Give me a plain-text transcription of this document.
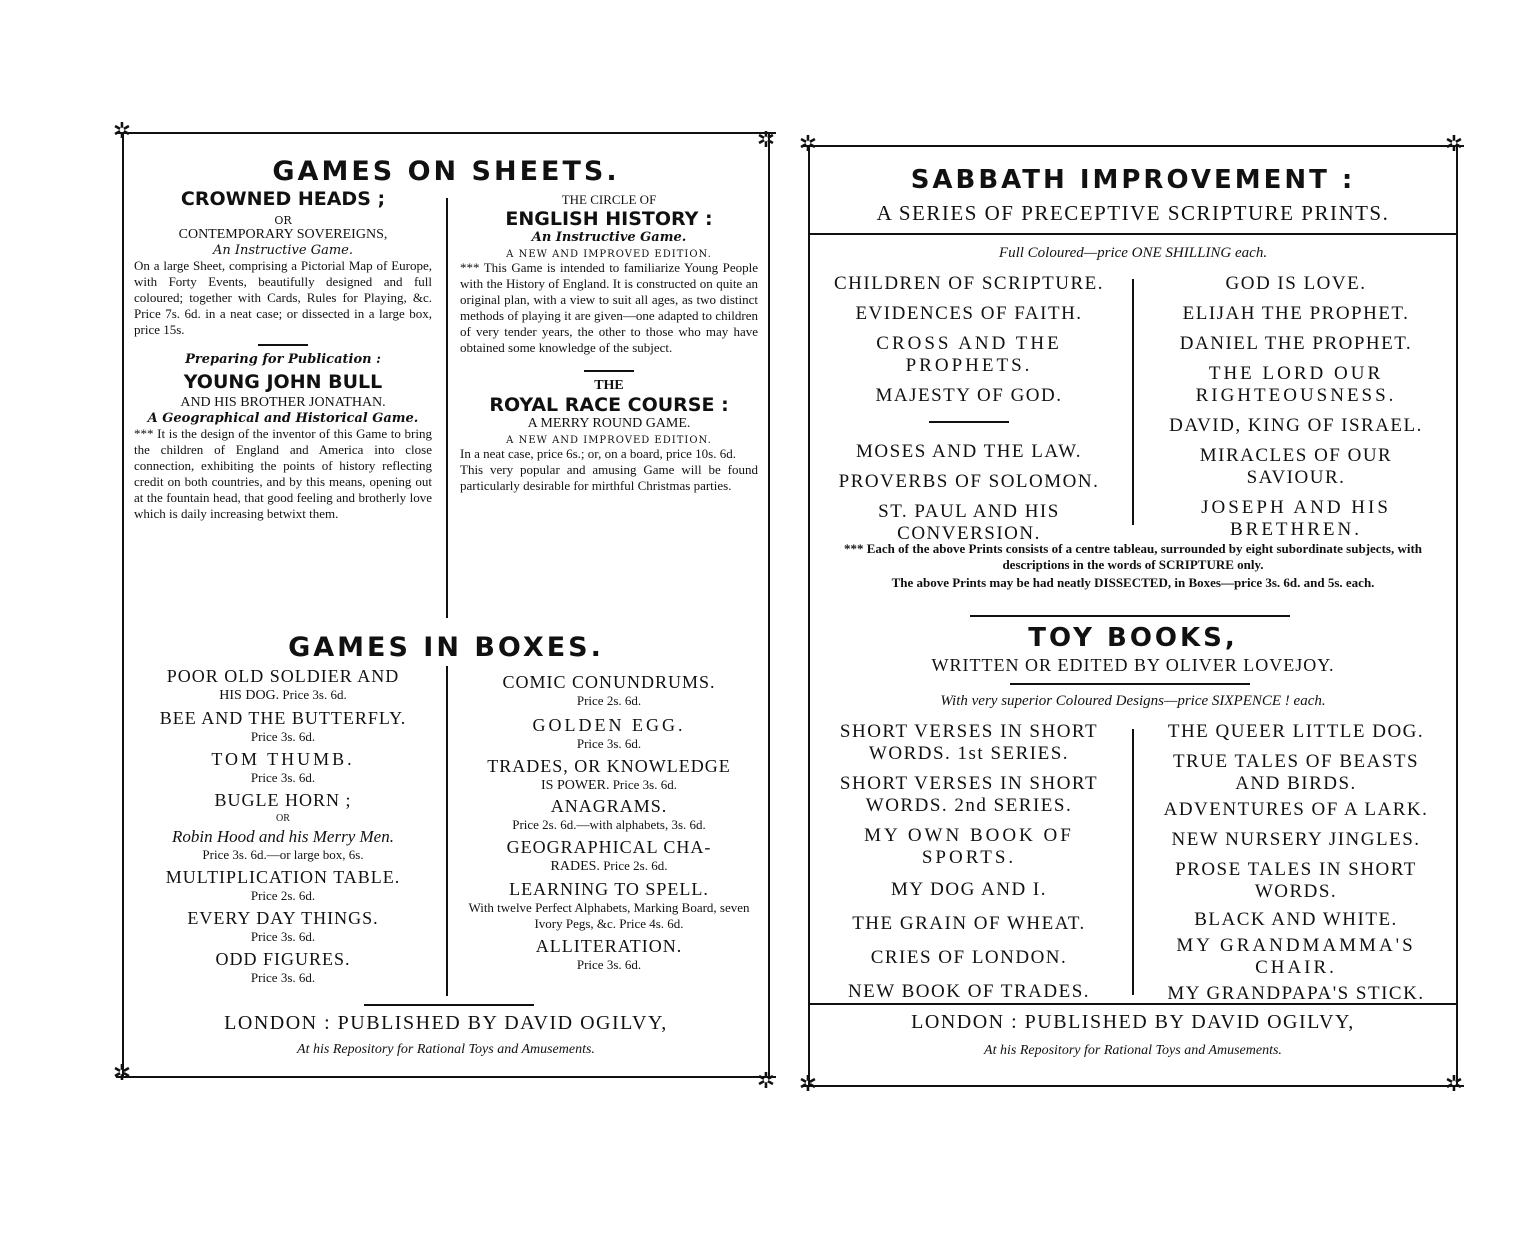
GAMES ON SHEETS.

CROWNED HEADS ;

OR

CONTEMPORARY SOVEREIGNS,

An Instructive Game.

On a large Sheet, comprising a Pictorial Map of Europe, with Forty Events, beautifully designed and full coloured; together with Cards, Rules for Playing, &c. Price 7s. 6d. in a neat case; or dissected in a large box, price 15s.

Preparing for Publication :

YOUNG JOHN BULL

AND HIS BROTHER JONATHAN.

A Geographical and Historical Game.

*** It is the design of the inventor of this Game to bring the children of England and America into close connection, exhibiting the points of history reflecting credit on both countries, and by this means, opening out at the fountain head, that good feeling and brotherly love which is daily increasing betwixt them.

THE CIRCLE OF

ENGLISH HISTORY :

An Instructive Game.

A NEW AND IMPROVED EDITION.

*** This Game is intended to familiarize Young People with the History of England. It is constructed on quite an original plan, with a view to suit all ages, as two distinct methods of playing it are given—one adapted to children of very tender years, the other to those who may have obtained some knowledge of the subject.

THE

ROYAL RACE COURSE :

A MERRY ROUND GAME.

A NEW AND IMPROVED EDITION.

In a neat case, price 6s.; or, on a board, price 10s. 6d.

This very popular and amusing Game will be found particularly desirable for mirthful Christmas parties.

GAMES IN BOXES.

POOR OLD SOLDIER AND

HIS DOG. Price 3s. 6d.

BEE AND THE BUTTERFLY.

Price 3s. 6d.

TOM THUMB.

Price 3s. 6d.

BUGLE HORN ;

OR

Robin Hood and his Merry Men.

Price 3s. 6d.—or large box, 6s.

MULTIPLICATION TABLE.

Price 2s. 6d.

EVERY DAY THINGS.

Price 3s. 6d.

ODD FIGURES.

Price 3s. 6d.

COMIC CONUNDRUMS.

Price 2s. 6d.

GOLDEN EGG.

Price 3s. 6d.

TRADES, OR KNOWLEDGE

IS POWER. Price 3s. 6d.

ANAGRAMS.

Price 2s. 6d.—with alphabets, 3s. 6d.

GEOGRAPHICAL CHA-

RADES. Price 2s. 6d.

LEARNING TO SPELL.

With twelve Perfect Alphabets, Marking Board, seven Ivory Pegs, &c. Price 4s. 6d.

ALLITERATION.

Price 3s. 6d.

LONDON : PUBLISHED BY DAVID OGILVY,

At his Repository for Rational Toys and Amusements.

✲	✲
✲	✲
SABBATH IMPROVEMENT :

A SERIES OF PRECEPTIVE SCRIPTURE PRINTS.

Full Coloured—price ONE SHILLING each.

CHILDREN OF SCRIPTURE.

EVIDENCES OF FAITH.

CROSS AND THE PROPHETS.

MAJESTY OF GOD.

MOSES AND THE LAW.

PROVERBS OF SOLOMON.

ST. PAUL AND HIS CONVERSION.

GOD IS LOVE.

ELIJAH THE PROPHET.

DANIEL THE PROPHET.

THE LORD OUR RIGHTEOUSNESS.

DAVID, KING OF ISRAEL.

MIRACLES OF OUR SAVIOUR.

JOSEPH AND HIS BRETHREN.

*** Each of the above Prints consists of a centre tableau, surrounded by eight subordinate subjects, with descriptions in the words of SCRIPTURE only.

The above Prints may be had neatly DISSECTED, in Boxes—price 3s. 6d. and 5s. each.

TOY BOOKS,

WRITTEN OR EDITED BY OLIVER LOVEJOY.

With very superior Coloured Designs—price SIXPENCE ! each.

SHORT VERSES IN SHORT WORDS. 1st SERIES.

SHORT VERSES IN SHORT WORDS. 2nd SERIES.

MY OWN BOOK OF SPORTS.

MY DOG AND I.

THE GRAIN OF WHEAT.

CRIES OF LONDON.

NEW BOOK OF TRADES.

THE QUEER LITTLE DOG.

TRUE TALES OF BEASTS AND BIRDS.

ADVENTURES OF A LARK.

NEW NURSERY JINGLES.

PROSE TALES IN SHORT WORDS.

BLACK AND WHITE.

MY GRANDMAMMA'S CHAIR.

MY GRANDPAPA'S STICK.

LONDON : PUBLISHED BY DAVID OGILVY,

At his Repository for Rational Toys and Amusements.

✲	✲
✲	✲
